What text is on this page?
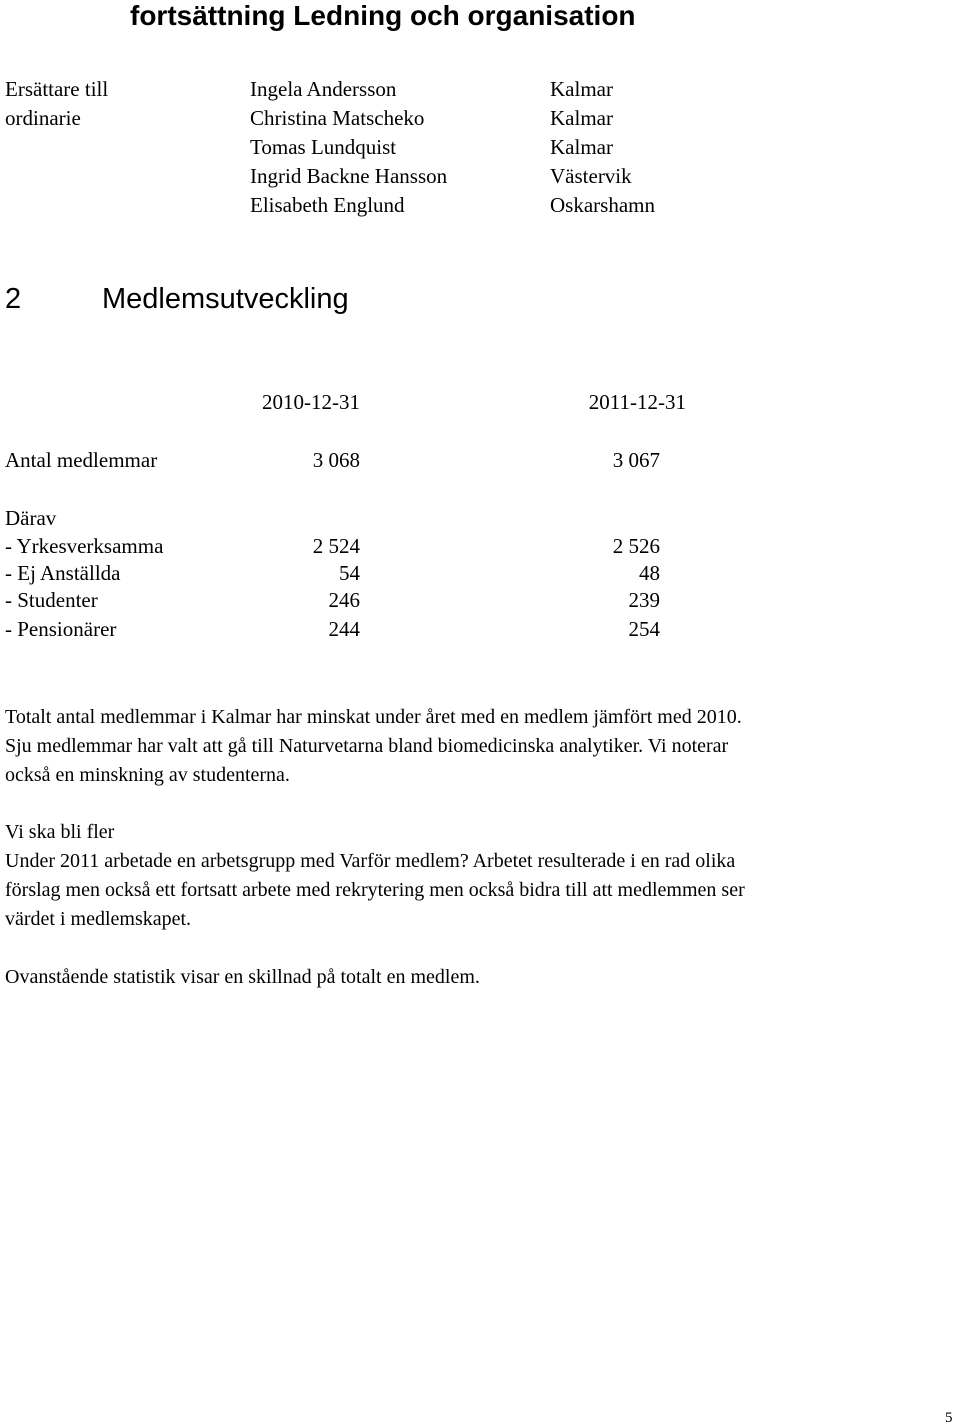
fortsättning Ledning och organisation
Ersättare till
ordinarie
Ingela Andersson	Kalmar
Christina Matscheko	Kalmar
Tomas Lundquist	Kalmar
Ingrid Backne Hansson	Västervik
Elisabeth Englund	Oskarshamn
2	Medlemsutveckling
2010-12-31	2011-12-31
Antal medlemmar	3 068	3 067
Därav
- Yrkesverksamma	2 524	2 526
- Ej Anställda	54	48
- Studenter	246	239
- Pensionärer	244	254
Totalt antal medlemmar i Kalmar har minskat under året med en medlem jämfört med 2010.
Sju medlemmar har valt att gå till Naturvetarna bland biomedicinska analytiker. Vi noterar
också en minskning av studenterna.
Vi ska bli fler
Under 2011 arbetade en arbetsgrupp med Varför medlem? Arbetet resulterade i en rad olika
förslag men också ett fortsatt arbete med rekrytering men också bidra till att medlemmen ser
värdet i medlemskapet.
Ovanstående statistik visar en skillnad på totalt en medlem.
5
